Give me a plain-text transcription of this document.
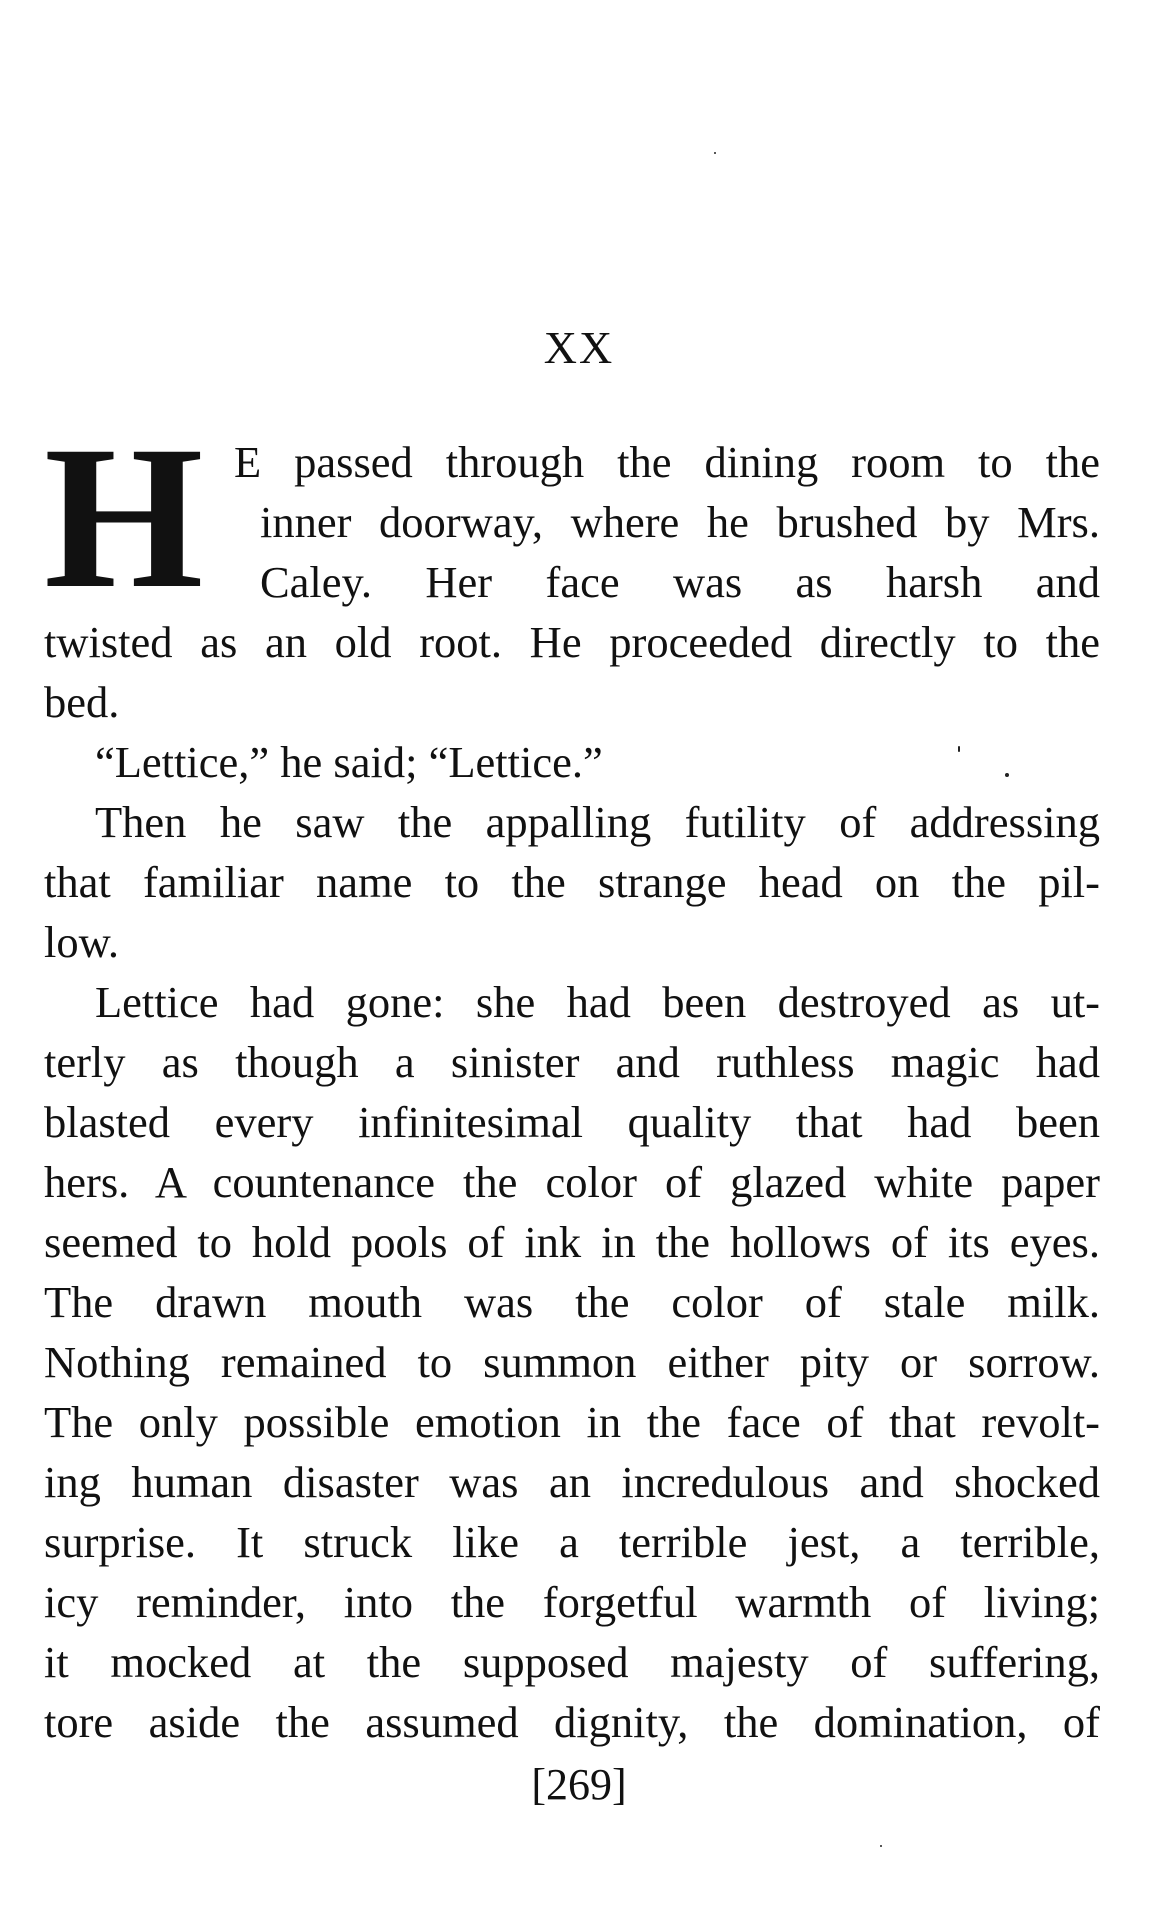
XX
H E passed through the dining room to the
inner doorway, where he brushed by Mrs.
Caley. Her face was as harsh and
twisted as an old root. He proceeded directly to the
bed.
“Lettice,” he said; “Lettice.”
Then he saw the appalling futility of addressing
that familiar name to the strange head on the pil-
low.
Lettice had gone: she had been destroyed as ut-
terly as though a sinister and ruthless magic had
blasted every infinitesimal quality that had been
hers. A countenance the color of glazed white paper
seemed to hold pools of ink in the hollows of its eyes.
The drawn mouth was the color of stale milk.
Nothing remained to summon either pity or sorrow.
The only possible emotion in the face of that revolt-
ing human disaster was an incredulous and shocked
surprise. It struck like a terrible jest, a terrible,
icy reminder, into the forgetful warmth of living;
it mocked at the supposed majesty of suffering,
tore aside the assumed dignity, the domination, of
[269]
